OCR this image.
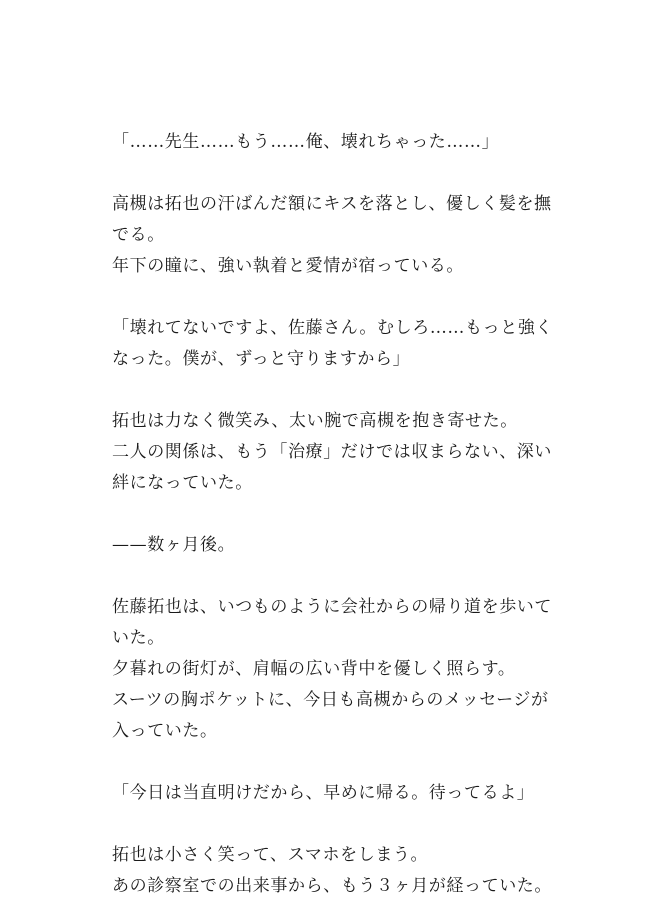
「……先生……もう……俺、壊れちゃった……」

高槻は拓也の汗ばんだ額にキスを落とし、優しく髪を撫
でる。
年下の瞳に、強い執着と愛情が宿っている。

「壊れてないですよ、佐藤さん。むしろ……もっと強く
なった。僕が、ずっと守りますから」

拓也は力なく微笑み、太い腕で高槻を抱き寄せた。
二人の関係は、もう「治療」だけでは収まらない、深い
絆になっていた。

——数ヶ月後。

佐藤拓也は、いつものように会社からの帰り道を歩いて
いた。
夕暮れの街灯が、肩幅の広い背中を優しく照らす。
スーツの胸ポケットに、今日も高槻からのメッセージが
入っていた。

「今日は当直明けだから、早めに帰る。待ってるよ」

拓也は小さく笑って、スマホをしまう。
あの診察室での出来事から、もう３ヶ月が経っていた。
